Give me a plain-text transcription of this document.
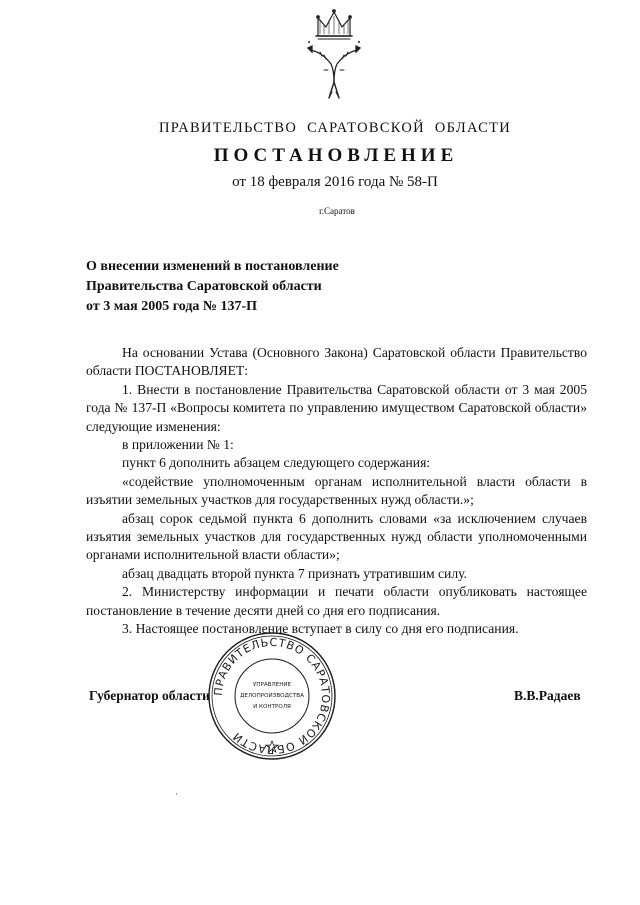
ПРАВИТЕЛЬСТВО САРАТОВСКОЙ ОБЛАСТИ
ПОСТАНОВЛЕНИЕ
от 18 февраля 2016 года № 58-П
г.Саратов
О внесении изменений в постановление
Правительства Саратовской области
от 3 мая 2005 года № 137-П

На основании Устава (Основного Закона) Саратовской области Правительство области ПОСТАНОВЛЯЕТ:

1. Внести в постановление Правительства Саратовской области от 3 мая 2005 года № 137-П «Вопросы комитета по управлению имуществом Саратовской области» следующие изменения:

в приложении № 1:

пункт 6 дополнить абзацем следующего содержания:

«содействие уполномоченным органам исполнительной власти области в изъятии земельных участков для государственных нужд области.»;

абзац сорок седьмой пункта 6 дополнить словами «за исключением случаев изъятия земельных участков для государственных нужд области уполномоченными органами исполнительной власти области»;

абзац двадцать второй пункта 7 признать утратившим силу.

2. Министерству информации и печати области опубликовать настоящее постановление в течение десяти дней со дня его подписания.

3. Настоящее постановление вступает в силу со дня его подписания.

Губернатор области	В.В.Радаев
ПРАВИТЕЛЬСТВО САРАТОВСКОЙ ОБЛАСТИ
УПРАВЛЕНИЕ
ДЕЛОПРОИЗВОДСТВА
И КОНТРОЛЯ
